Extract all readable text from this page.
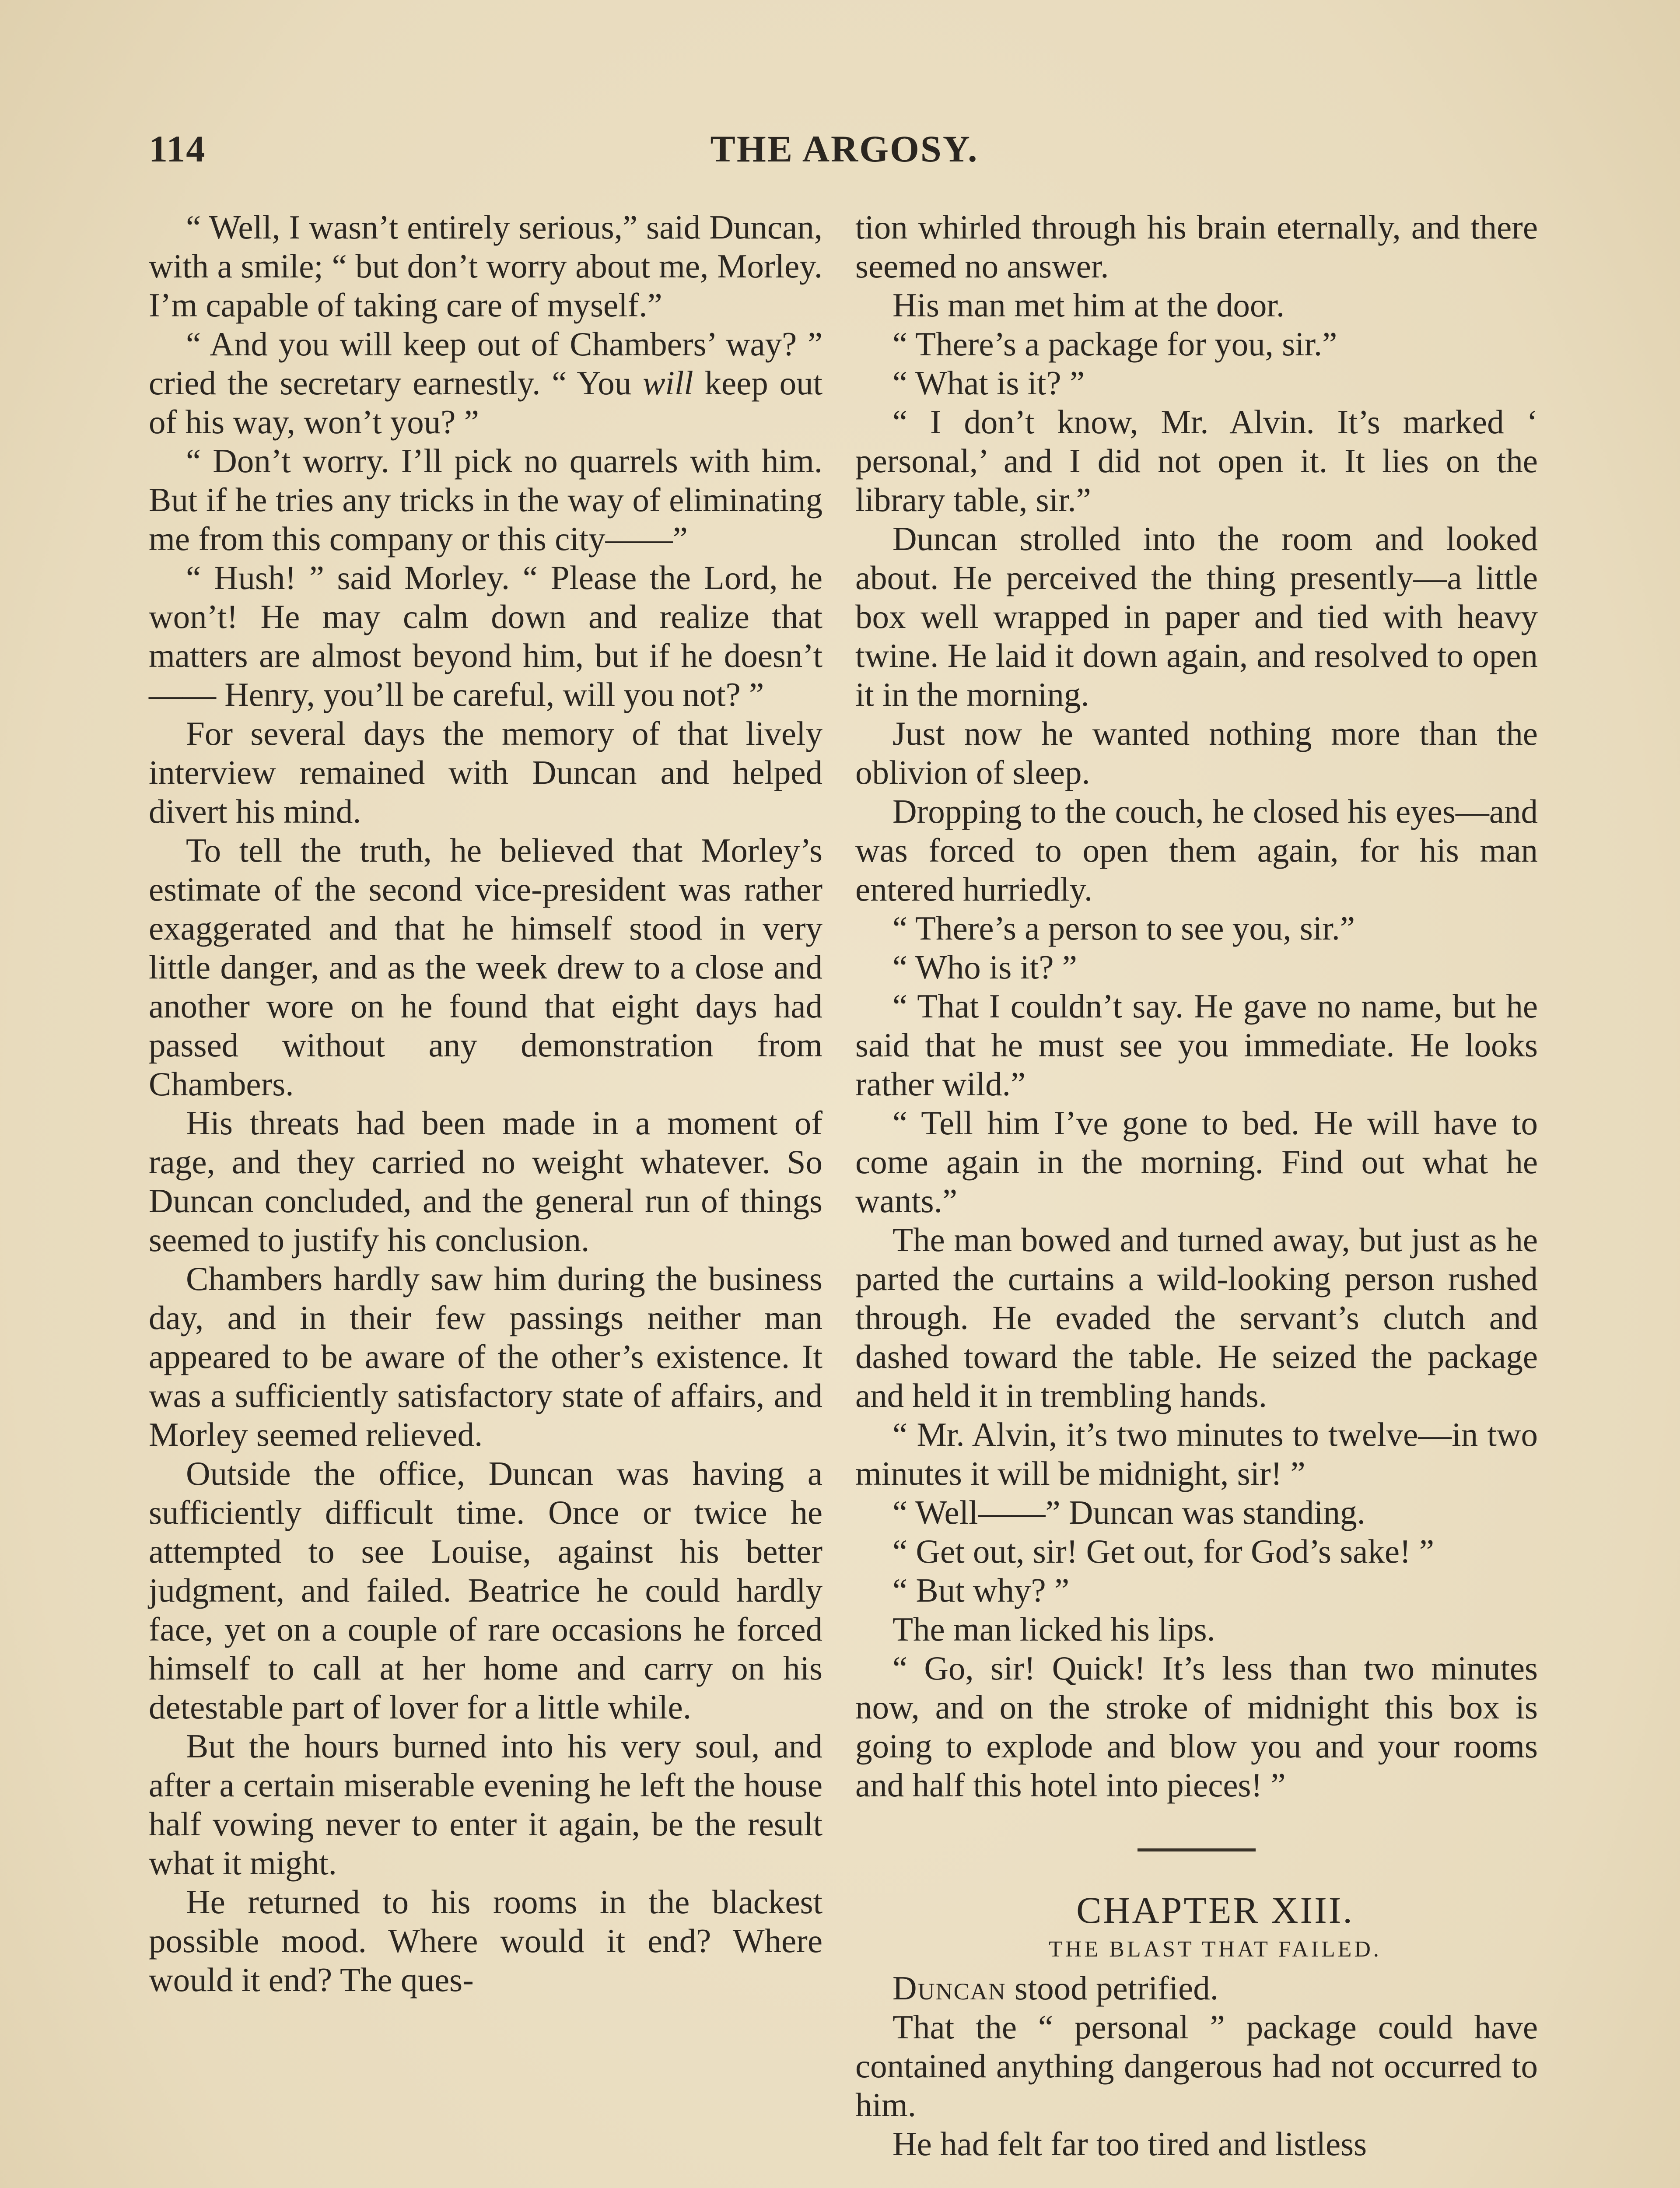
114	THE ARGOSY.

“ Well, I wasn’t entirely serious,” said Duncan, with a smile; “ but don’t worry about me, Morley. I’m capable of taking care of myself.”

“ And you will keep out of Chambers’ way? ” cried the secretary earnestly. “ You will keep out of his way, won’t you? ”

“ Don’t worry. I’ll pick no quarrels with him. But if he tries any tricks in the way of eliminating me from this company or this city——”

“ Hush! ” said Morley. “ Please the Lord, he won’t! He may calm down and realize that matters are almost beyond him, but if he doesn’t—— Henry, you’ll be careful, will you not? ”

For several days the memory of that lively interview remained with Duncan and helped divert his mind.

To tell the truth, he believed that Morley’s estimate of the second vice-president was rather exaggerated and that he himself stood in very little danger, and as the week drew to a close and another wore on he found that eight days had passed without any demonstration from Chambers.

His threats had been made in a moment of rage, and they carried no weight whatever. So Duncan concluded, and the general run of things seemed to justify his conclusion.

Chambers hardly saw him during the business day, and in their few passings neither man appeared to be aware of the other’s existence. It was a sufficiently satisfactory state of affairs, and Morley seemed relieved.

Outside the office, Duncan was having a sufficiently difficult time. Once or twice he attempted to see Louise, against his better judgment, and failed. Beatrice he could hardly face, yet on a couple of rare occasions he forced himself to call at her home and carry on his detestable part of lover for a little while.

But the hours burned into his very soul, and after a certain miserable evening he left the house half vowing never to enter it again, be the result what it might.

He returned to his rooms in the blackest possible mood. Where would it end? Where would it end? The ques-

tion whirled through his brain eternally, and there seemed no answer.

His man met him at the door.

“ There’s a package for you, sir.”

“ What is it? ”

“ I don’t know, Mr. Alvin. It’s marked ‘ personal,’ and I did not open it. It lies on the library table, sir.”

Duncan strolled into the room and looked about. He perceived the thing presently—a little box well wrapped in paper and tied with heavy twine. He laid it down again, and resolved to open it in the morning.

Just now he wanted nothing more than the oblivion of sleep.

Dropping to the couch, he closed his eyes—and was forced to open them again, for his man entered hurriedly.

“ There’s a person to see you, sir.”

“ Who is it? ”

“ That I couldn’t say. He gave no name, but he said that he must see you immediate. He looks rather wild.”

“ Tell him I’ve gone to bed. He will have to come again in the morning. Find out what he wants.”

The man bowed and turned away, but just as he parted the curtains a wild-looking person rushed through. He evaded the servant’s clutch and dashed toward the table. He seized the package and held it in trembling hands.

“ Mr. Alvin, it’s two minutes to twelve—in two minutes it will be midnight, sir! ”

“ Well——” Duncan was standing.

“ Get out, sir! Get out, for God’s sake! ”

“ But why? ”

The man licked his lips.

“ Go, sir! Quick! It’s less than two minutes now, and on the stroke of midnight this box is going to explode and blow you and your rooms and half this hotel into pieces! ”

CHAPTER XIII.

THE BLAST THAT FAILED.

Duncan stood petrified.

That the “ personal ” package could have contained anything dangerous had not occurred to him.

He had felt far too tired and listless
